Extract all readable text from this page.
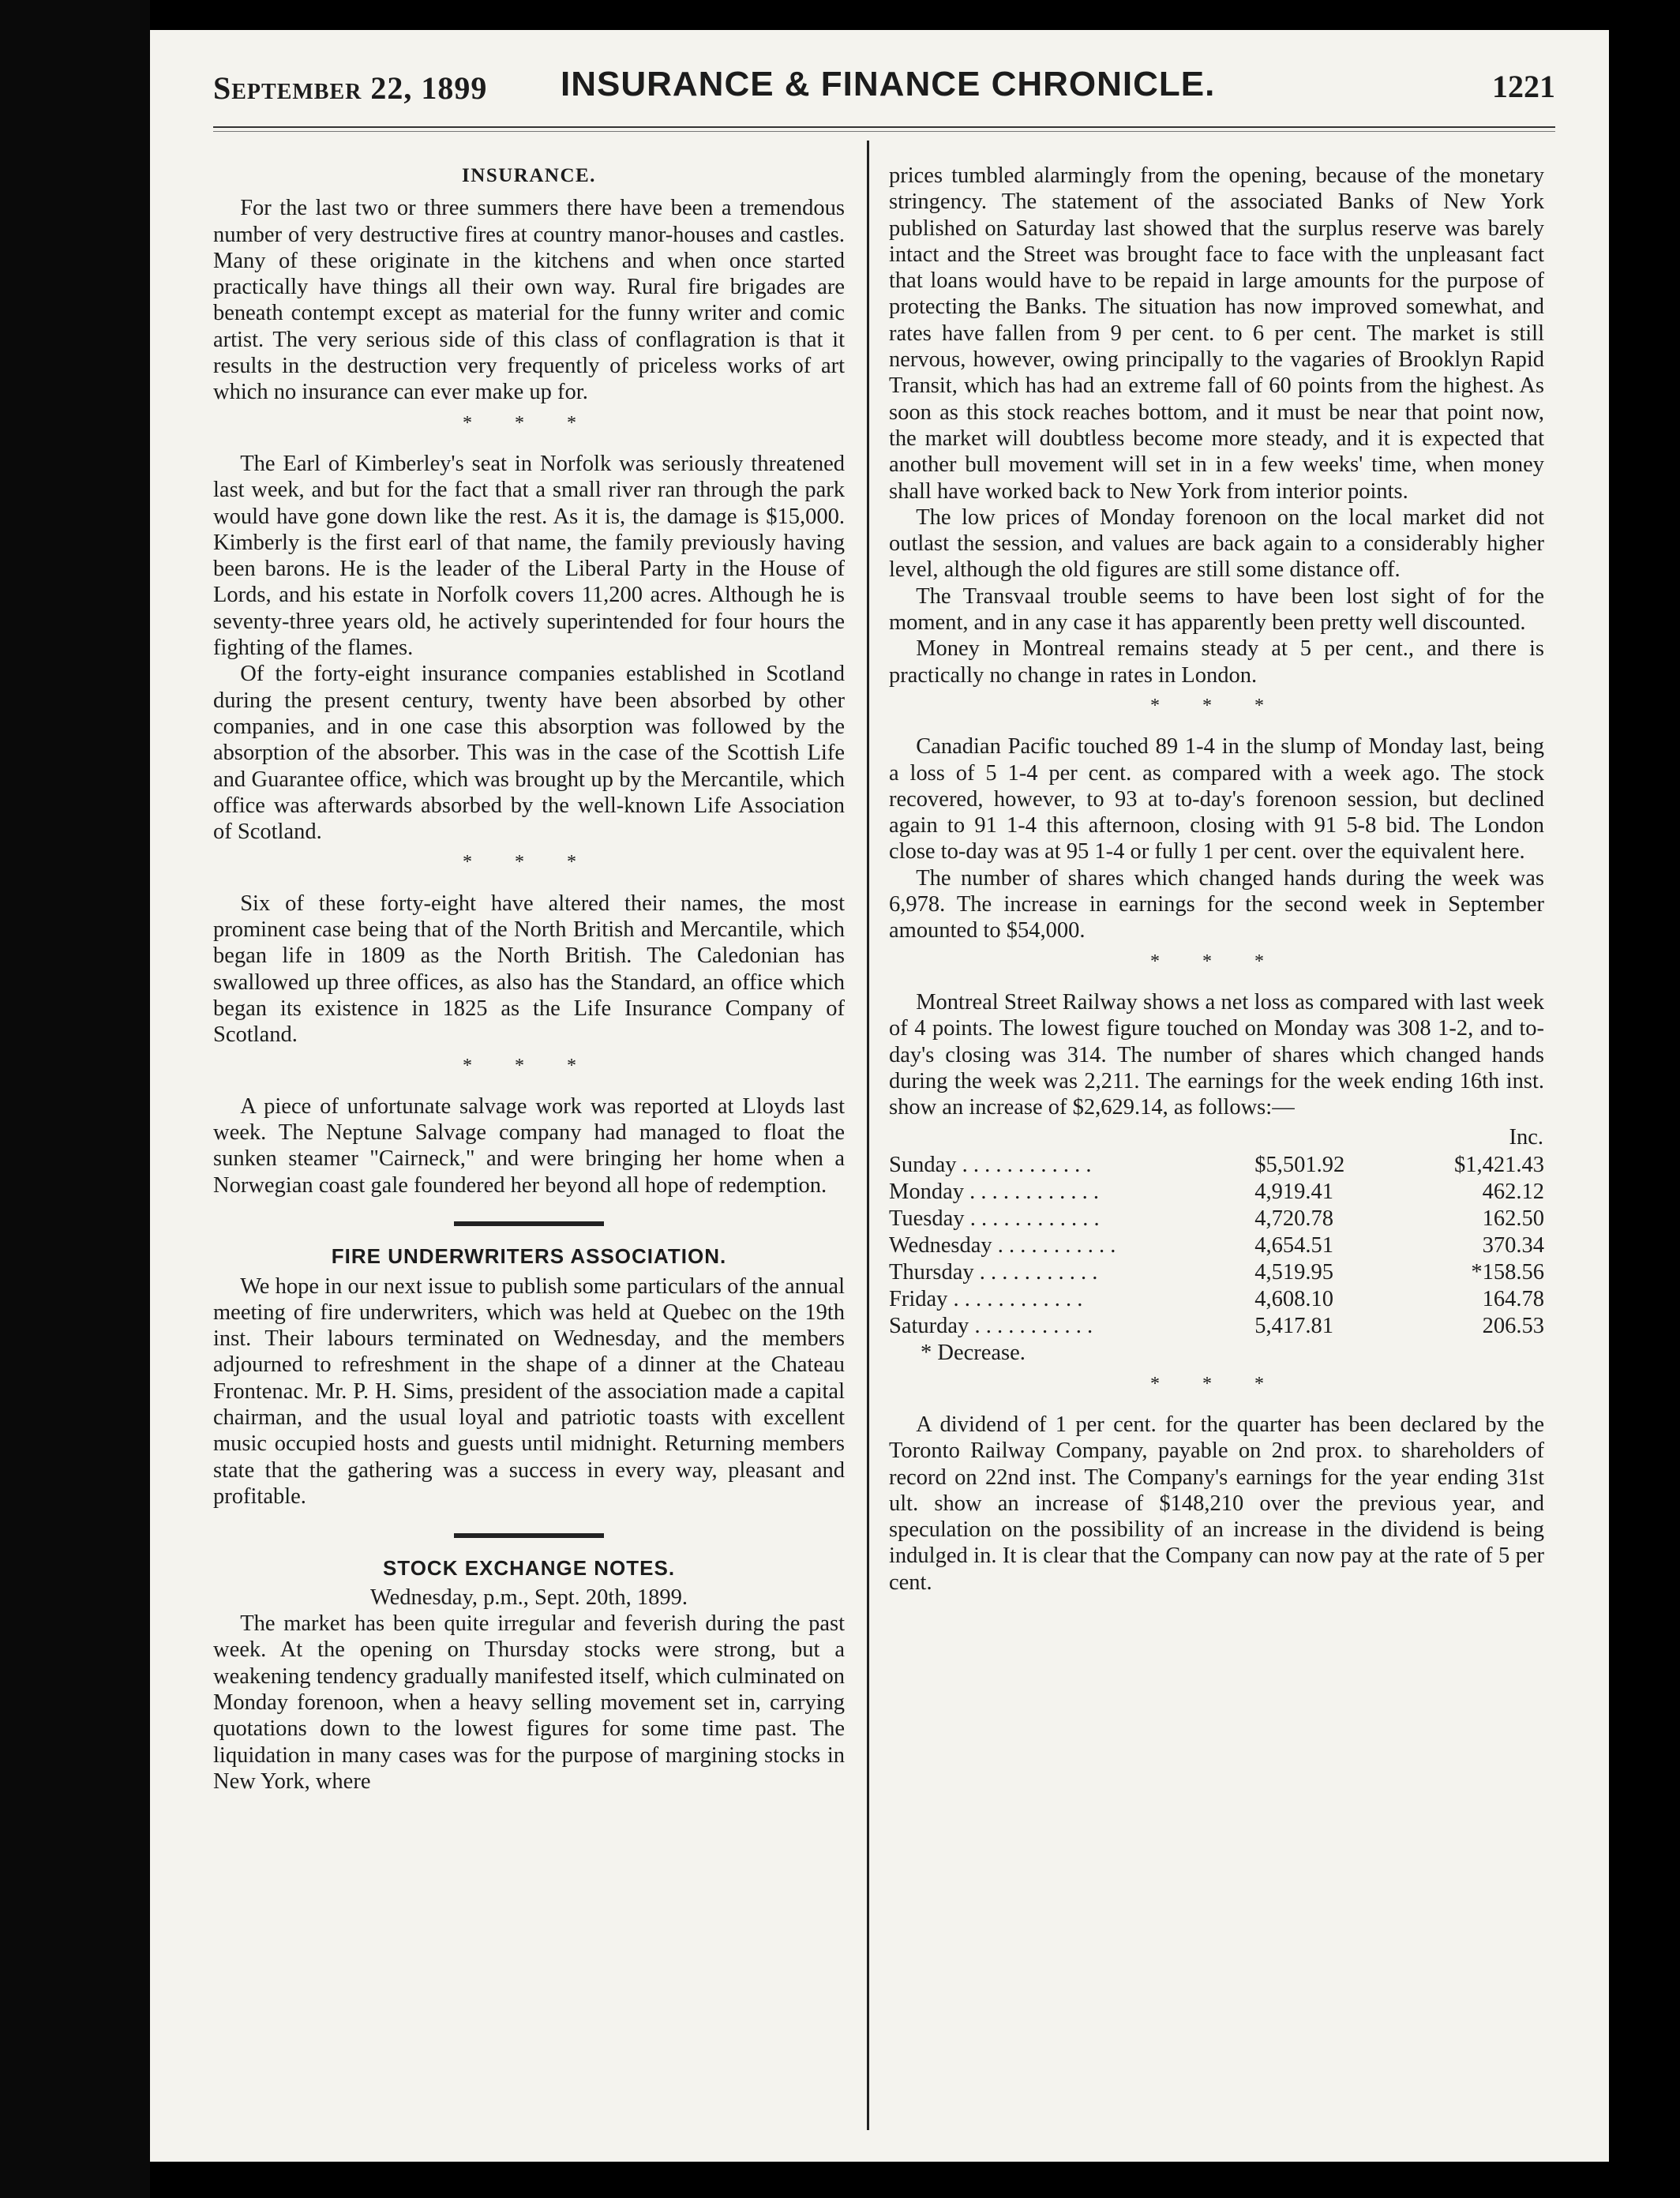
September 22, 1899 INSURANCE & FINANCE CHRONICLE.	1221
INSURANCE.

For the last two or three summers there have been a tremendous number of very destructive fires at country manor-houses and castles. Many of these originate in the kitchens and when once started practically have things all their own way. Rural fire brigades are beneath contempt except as material for the funny writer and comic artist. The very serious side of this class of conflagration is that it results in the destruction very frequently of priceless works of art which no insurance can ever make up for.

* * *

The Earl of Kimberley's seat in Norfolk was seriously threatened last week, and but for the fact that a small river ran through the park would have gone down like the rest. As it is, the damage is $15,000. Kimberly is the first earl of that name, the family previously having been barons. He is the leader of the Liberal Party in the House of Lords, and his estate in Norfolk covers 11,200 acres. Although he is seventy-three years old, he actively superintended for four hours the fighting of the flames.

Of the forty-eight insurance companies established in Scotland during the present century, twenty have been absorbed by other companies, and in one case this absorption was followed by the absorption of the absorber. This was in the case of the Scottish Life and Guarantee office, which was brought up by the Mercantile, which office was afterwards absorbed by the well-known Life Association of Scotland.

* * *

Six of these forty-eight have altered their names, the most prominent case being that of the North British and Mercantile, which began life in 1809 as the North British. The Caledonian has swallowed up three offices, as also has the Standard, an office which began its existence in 1825 as the Life Insurance Company of Scotland.

* * *

A piece of unfortunate salvage work was reported at Lloyds last week. The Neptune Salvage company had managed to float the sunken steamer "Cairneck," and were bringing her home when a Norwegian coast gale foundered her beyond all hope of redemption.

FIRE UNDERWRITERS ASSOCIATION.

We hope in our next issue to publish some particulars of the annual meeting of fire underwriters, which was held at Quebec on the 19th inst. Their labours terminated on Wednesday, and the members adjourned to refreshment in the shape of a dinner at the Chateau Frontenac. Mr. P. H. Sims, president of the association made a capital chairman, and the usual loyal and patriotic toasts with excellent music occupied hosts and guests until midnight. Returning members state that the gathering was a success in every way, pleasant and profitable.

STOCK EXCHANGE NOTES.
Wednesday, p.m., Sept. 20th, 1899.

The market has been quite irregular and feverish during the past week. At the opening on Thursday stocks were strong, but a weakening tendency gradually manifested itself, which culminated on Monday forenoon, when a heavy selling movement set in, carrying quotations down to the lowest figures for some time past. The liquidation in many cases was for the purpose of margining stocks in New York, where

prices tumbled alarmingly from the opening, because of the monetary stringency. The statement of the associated Banks of New York published on Saturday last showed that the surplus reserve was barely intact and the Street was brought face to face with the unpleasant fact that loans would have to be repaid in large amounts for the purpose of protecting the Banks. The situation has now improved somewhat, and rates have fallen from 9 per cent. to 6 per cent. The market is still nervous, however, owing principally to the vagaries of Brooklyn Rapid Transit, which has had an extreme fall of 60 points from the highest. As soon as this stock reaches bottom, and it must be near that point now, the market will doubtless become more steady, and it is expected that another bull movement will set in in a few weeks' time, when money shall have worked back to New York from interior points.

The low prices of Monday forenoon on the local market did not outlast the session, and values are back again to a considerably higher level, although the old figures are still some distance off.

The Transvaal trouble seems to have been lost sight of for the moment, and in any case it has apparently been pretty well discounted.

Money in Montreal remains steady at 5 per cent., and there is practically no change in rates in London.

* * *

Canadian Pacific touched 89 1-4 in the slump of Monday last, being a loss of 5 1-4 per cent. as compared with a week ago. The stock recovered, however, to 93 at to-day's forenoon session, but declined again to 91 1-4 this afternoon, closing with 91 5-8 bid. The London close to-day was at 95 1-4 or fully 1 per cent. over the equivalent here.

The number of shares which changed hands during the week was 6,978. The increase in earnings for the second week in September amounted to $54,000.

* * *

Montreal Street Railway shows a net loss as compared with last week of 4 points. The lowest figure touched on Monday was 308 1-2, and to-day's closing was 314. The number of shares which changed hands during the week was 2,211. The earnings for the week ending 16th inst. show an increase of $2,629.14, as follows:—

		Inc.
Sunday . . . . . . . . . . . .	$5,501.92	$1,421.43
Monday . . . . . . . . . . . .	4,919.41	462.12
Tuesday . . . . . . . . . . . .	4,720.78	162.50
Wednesday . . . . . . . . . . .	4,654.51	370.34
Thursday . . . . . . . . . . .	4,519.95	*158.56
Friday . . . . . . . . . . . .	4,608.10	164.78
Saturday . . . . . . . . . . .	5,417.81	206.53
* Decrease.
* * *

A dividend of 1 per cent. for the quarter has been declared by the Toronto Railway Company, payable on 2nd prox. to shareholders of record on 22nd inst. The Company's earnings for the year ending 31st ult. show an increase of $148,210 over the previous year, and speculation on the possibility of an increase in the dividend is being indulged in. It is clear that the Company can now pay at the rate of 5 per cent.
